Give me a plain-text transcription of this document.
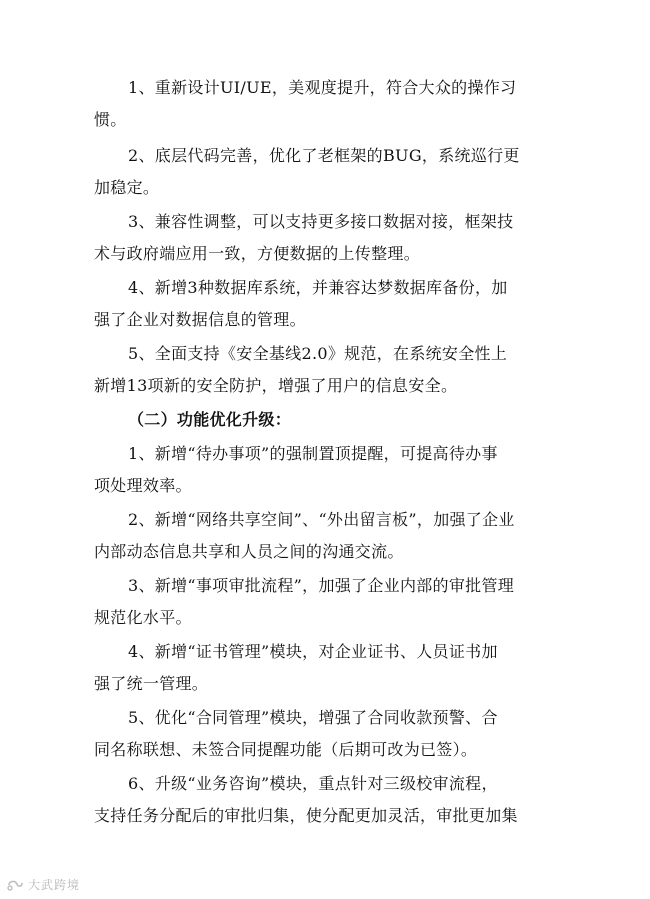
1、重新设计UI/UE，美观度提升，符合大众的操作习
惯。
2、底层代码完善，优化了老框架的BUG，系统巡行更
加稳定。
3、兼容性调整，可以支持更多接口数据对接，框架技
术与政府端应用一致，方便数据的上传整理。
4、新增3种数据库系统，并兼容达梦数据库备份，加
强了企业对数据信息的管理。
5、全面支持《安全基线2.0》规范，在系统安全性上
新增13项新的安全防护，增强了用户的信息安全。
（二）功能优化升级：
1、新增“待办事项”的强制置顶提醒，可提高待办事
项处理效率。
2、新增“网络共享空间”、“外出留言板”，加强了企业
内部动态信息共享和人员之间的沟通交流。
3、新增“事项审批流程”，加强了企业内部的审批管理
规范化水平。
4、新增“证书管理”模块，对企业证书、人员证书加
强了统一管理。
5、优化“合同管理”模块，增强了合同收款预警、合
同名称联想、未签合同提醒功能（后期可改为已签）。
6、升级“业务咨询”模块，重点针对三级校审流程，
支持任务分配后的审批归集，使分配更加灵活，审批更加集
大武跨境
